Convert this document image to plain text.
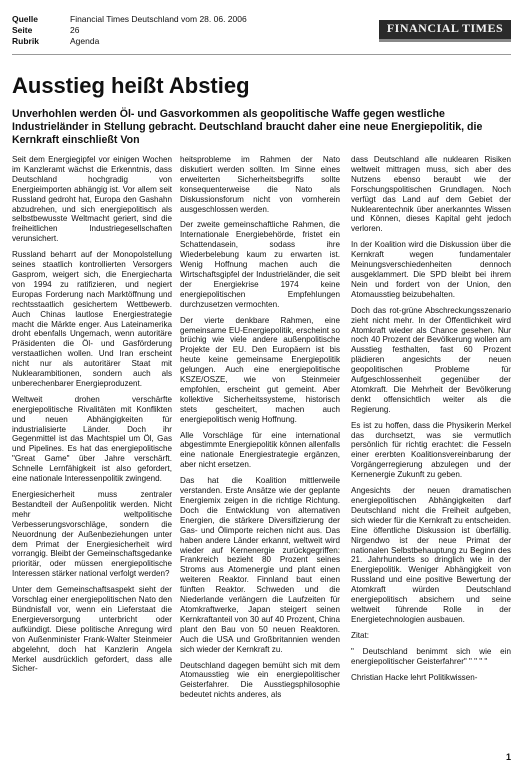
Quelle	Financial Times Deutschland vom 28. 06. 2006
Seite	26
Rubrik	Agenda
FINANCIAL TIMES
Ausstieg heißt Abstieg

Unverhohlen werden Öl- und Gasvorkommen als geopolitische Waffe gegen westliche Industrieländer in Stellung gebracht. Deutschland braucht daher eine neue Energiepolitik, die Kernkraft einschließt Von

Seit dem Energiegipfel vor einigen Wochen im Kanzleramt wächst die Erkenntnis, dass Deutschland hochgradig von Energieimporten abhängig ist. Vor allem seit Russland gedroht hat, Europa den Gashahn abzudrehen, und sich energiepolitisch als selbstbewusste Weltmacht geriert, sind die freiheitlichen Industriegesellschaften verunsichert.

Russland beharrt auf der Monopolstellung seines staatlich kontrollierten Versorgers Gasprom, weigert sich, die Energiecharta von 1994 zu ratifizieren, und negiert Europas Forderung nach Marktöffnung und rechtsstaatlich gesichertem Wettbewerb. Auch Chinas lautlose Energiestrategie macht die Märkte enger. Aus Lateinamerika droht ebenfalls Ungemach, wenn autoritäre Präsidenten die Öl- und Gasförderung verstaatlichen wollen. Und Iran erscheint nicht nur als autoritärer Staat mit Nuklearambitionen, sondern auch als unberechenbarer Energieproduzent.

Weltweit drohen verschärfte energiepolitische Rivalitäten mit Konflikten und neuen Abhängigkeiten für industrialisierte Länder. Doch ihr Gegenmittel ist das Machtspiel um Öl, Gas und Pipelines. Es hat das energiepolitische "Great Game" über Jahre verschärft. Schnelle Lernfähigkeit ist also gefordert, eine nationale Interessenpolitik zwingend.

Energiesicherheit muss zentraler Bestandteil der Außenpolitik werden. Nicht mehr weltpolitische Verbesserungsvorschläge, sondern die Neuordnung der Außenbeziehungen unter dem Primat der Energiesicherheit wird vorrangig. Bleibt der Gemeinschaftsgedanke prioritär, oder müssen energiepolitische Interessen stärker national verfolgt werden?

Unter dem Gemeinschaftsaspekt sieht der Vorschlag einer energiepolitischen Nato den Bündnisfall vor, wenn ein Lieferstaat die Energieversorgung unterbricht oder aufkündigt. Diese politische Anregung wird von Außenminister Frank-Walter Steinmeier abgelehnt, doch hat Kanzlerin Angela Merkel ausdrücklich gefordert, dass alle Sicher-

heitsprobleme im Rahmen der Nato diskutiert werden sollten. Im Sinne eines erweiterten Sicherheitsbegriffs sollte konsequenterweise die Nato als Diskussionsforum nicht von vornherein ausgeschlossen werden.

Der zweite gemeinschaftliche Rahmen, die Internationale Energiebehörde, fristet ein Schattendasein, sodass ihre Wiederbelebung kaum zu erwarten ist. Wenig Hoffnung machen auch die Wirtschaftsgipfel der Industrieländer, die seit der Energiekrise 1974 keine energiepolitischen Empfehlungen durchzusetzen vermochten.

Der vierte denkbare Rahmen, eine gemeinsame EU-Energiepolitik, erscheint so brüchig wie viele andere außenpolitische Projekte der EU. Den Europäern ist bis heute keine gemeinsame Energiepolitik gelungen. Auch eine energiepolitische KSZE/OSZE, wie von Steinmeier empfohlen, erscheint gut gemeint. Aber kollektive Sicherheitssysteme, historisch stets gescheitert, machen auch energiepolitisch wenig Hoffnung.

Alle Vorschläge für eine international abgestimmte Energiepolitik können allenfalls eine nationale Energiestrategie ergänzen, aber nicht ersetzen.

Das hat die Koalition mittlerweile verstanden. Erste Ansätze wie der geplante Energiemix zeigen in die richtige Richtung. Doch die Entwicklung von alternativen Energien, die stärkere Diversifizierung der Gas- und Ölimporte reichen nicht aus. Das haben andere Länder erkannt, weltweit wird wieder auf Kernenergie zurückgegriffen: Frankreich bezieht 80 Prozent seines Stroms aus Atomenergie und plant einen weiteren Reaktor. Finnland baut einen fünften Reaktor. Schweden und die Niederlande verlängern die Laufzeiten für Atomkraftwerke, Japan steigert seinen Kernkraftanteil von 30 auf 40 Prozent, China plant den Bau von 50 neuen Reaktoren. Auch die USA und Großbritannien wenden sich wieder der Kernkraft zu.

Deutschland dagegen bemüht sich mit dem Atomausstieg wie ein energiepolitischer Geisterfahrer. Die Ausstiegsphilosophie bedeutet nichts anderes, als

dass Deutschland alle nuklearen Risiken weltweit mittragen muss, sich aber des Nutzens ebenso beraubt wie der Forschungspolitischen Grundlagen. Noch verfügt das Land auf dem Gebiet der Nuklearentechnik über anerkanntes Wissen und Können, dieses Kapital geht jedoch verloren.

In der Koalition wird die Diskussion über die Kernkraft wegen fundamentaler Meinungsverschiedenheiten dennoch ausgeklammert. Die SPD bleibt bei ihrem Nein und fordert von der Union, den Atomausstieg beizubehalten.

Doch das rot-grüne Abschreckungsszenario zieht nicht mehr. In der Öffentlichkeit wird Atomkraft wieder als Chance gesehen. Nur noch 40 Prozent der Bevölkerung wollen am Ausstieg festhalten, fast 60 Prozent plädieren angesichts der neuen geopolitischen Probleme für Aufgeschlossenheit gegenüber der Atomkraft. Die Mehrheit der Bevölkerung denkt offensichtlich weiter als die Regierung.

Es ist zu hoffen, dass die Physikerin Merkel das durchsetzt, was sie vermutlich persönlich für richtig erachtet: die Fesseln einer ererbten Koalitionsvereinbarung der Vorgängerregierung abzulegen und der Kernenergie Zukunft zu geben.

Angesichts der neuen dramatischen energiepolitischen Abhängigkeiten darf Deutschland nicht die Freiheit aufgeben, sich wieder für die Kernkraft zu entscheiden. Eine öffentliche Diskussion ist überfällig. Nirgendwo ist der neue Primat der nationalen Selbstbehauptung zu Beginn des 21. Jahrhunderts so dringlich wie in der Energiepolitik. Weniger Abhängigkeit von Russland und eine positive Bewertung der Atomkraft würden Deutschland energiepolitisch absichern und seine weltweit führende Rolle in der Energietechnologien ausbauen.

Zitat:

" Deutschland benimmt sich wie ein energiepolitischer Geisterfahrer" " " " "

Christian Hacke lehrt Politikwissen-

1
